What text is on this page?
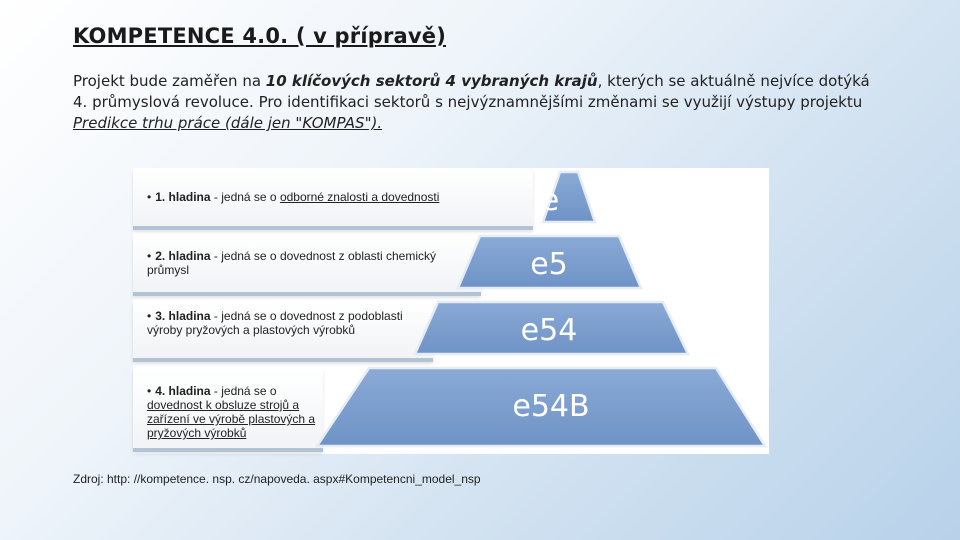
KOMPETENCE 4.0. ( v přípravě)
Projekt bude zaměřen na 10 klíčových sektorů 4 vybraných krajů, kterých se aktuálně nejvíce dotýká 4. průmyslová revoluce. Pro identifikaci sektorů s nejvýznamnějšími změnami se využijí výstupy projektu Predikce trhu práce (dále jen "KOMPAS").
• 1. hladina - jedná se o odborné znalosti a dovednosti
• 2. hladina - jedná se o dovednost z oblasti chemický průmysl
• 3. hladina - jedná se o dovednost z podoblasti výroby pryžových a plastových výrobků
• 4. hladina - jedná se o dovednost k obsluze strojů a zařízení ve výrobě plastových a pryžových výrobků
e
e5
e54
e54B
Zdroj: http: //kompetence. nsp. cz/napoveda. aspx#Kompetencni_model_nsp
